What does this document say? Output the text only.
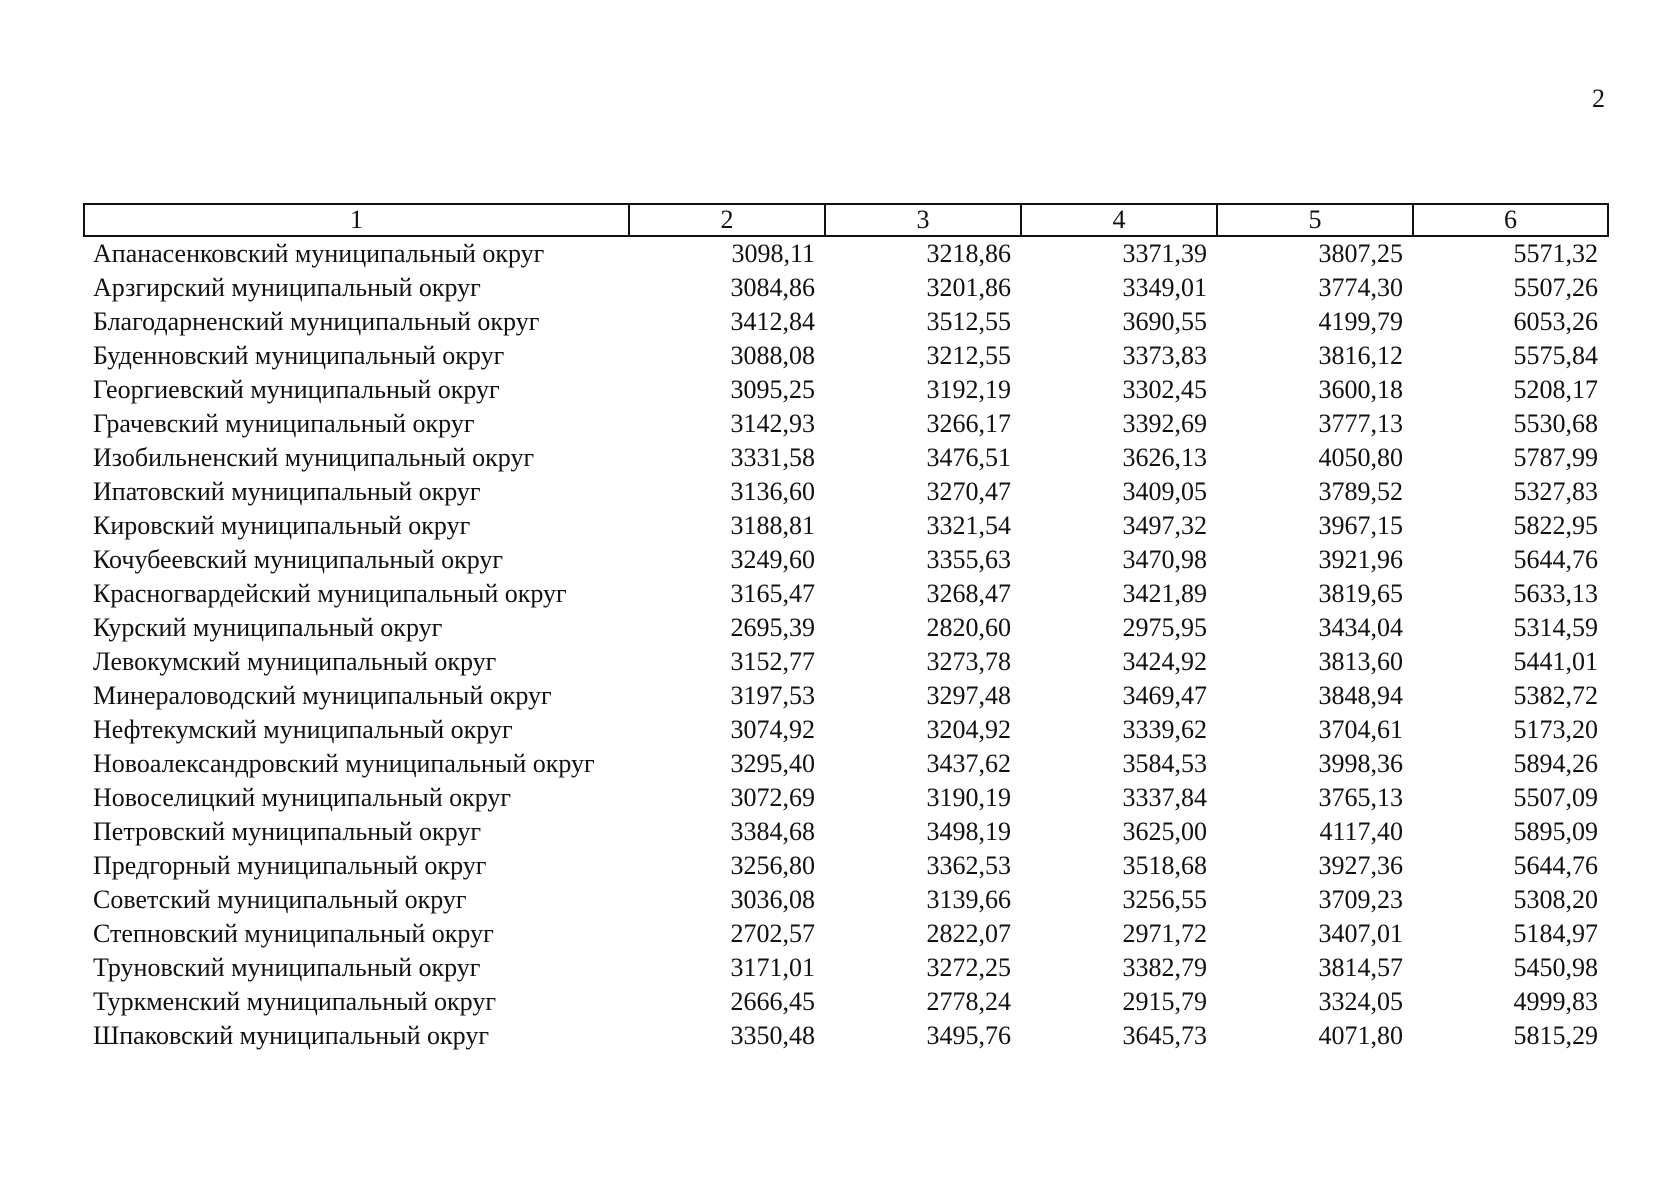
2
1	2	3	4	5	6
Апанасенковский муниципальный округ	3098,11	3218,86	3371,39	3807,25	5571,32
Арзгирский муниципальный округ	3084,86	3201,86	3349,01	3774,30	5507,26
Благодарненский муниципальный округ	3412,84	3512,55	3690,55	4199,79	6053,26
Буденновский муниципальный округ	3088,08	3212,55	3373,83	3816,12	5575,84
Георгиевский муниципальный округ	3095,25	3192,19	3302,45	3600,18	5208,17
Грачевский муниципальный округ	3142,93	3266,17	3392,69	3777,13	5530,68
Изобильненский муниципальный округ	3331,58	3476,51	3626,13	4050,80	5787,99
Ипатовский муниципальный округ	3136,60	3270,47	3409,05	3789,52	5327,83
Кировский муниципальный округ	3188,81	3321,54	3497,32	3967,15	5822,95
Кочубеевский муниципальный округ	3249,60	3355,63	3470,98	3921,96	5644,76
Красногвардейский муниципальный округ	3165,47	3268,47	3421,89	3819,65	5633,13
Курский муниципальный округ	2695,39	2820,60	2975,95	3434,04	5314,59
Левокумский муниципальный округ	3152,77	3273,78	3424,92	3813,60	5441,01
Минераловодский муниципальный округ	3197,53	3297,48	3469,47	3848,94	5382,72
Нефтекумский муниципальный округ	3074,92	3204,92	3339,62	3704,61	5173,20
Новоалександровский муниципальный округ	3295,40	3437,62	3584,53	3998,36	5894,26
Новоселицкий муниципальный округ	3072,69	3190,19	3337,84	3765,13	5507,09
Петровский муниципальный округ	3384,68	3498,19	3625,00	4117,40	5895,09
Предгорный муниципальный округ	3256,80	3362,53	3518,68	3927,36	5644,76
Советский муниципальный округ	3036,08	3139,66	3256,55	3709,23	5308,20
Степновский муниципальный округ	2702,57	2822,07	2971,72	3407,01	5184,97
Труновский муниципальный округ	3171,01	3272,25	3382,79	3814,57	5450,98
Туркменский муниципальный округ	2666,45	2778,24	2915,79	3324,05	4999,83
Шпаковский муниципальный округ	3350,48	3495,76	3645,73	4071,80	5815,29
